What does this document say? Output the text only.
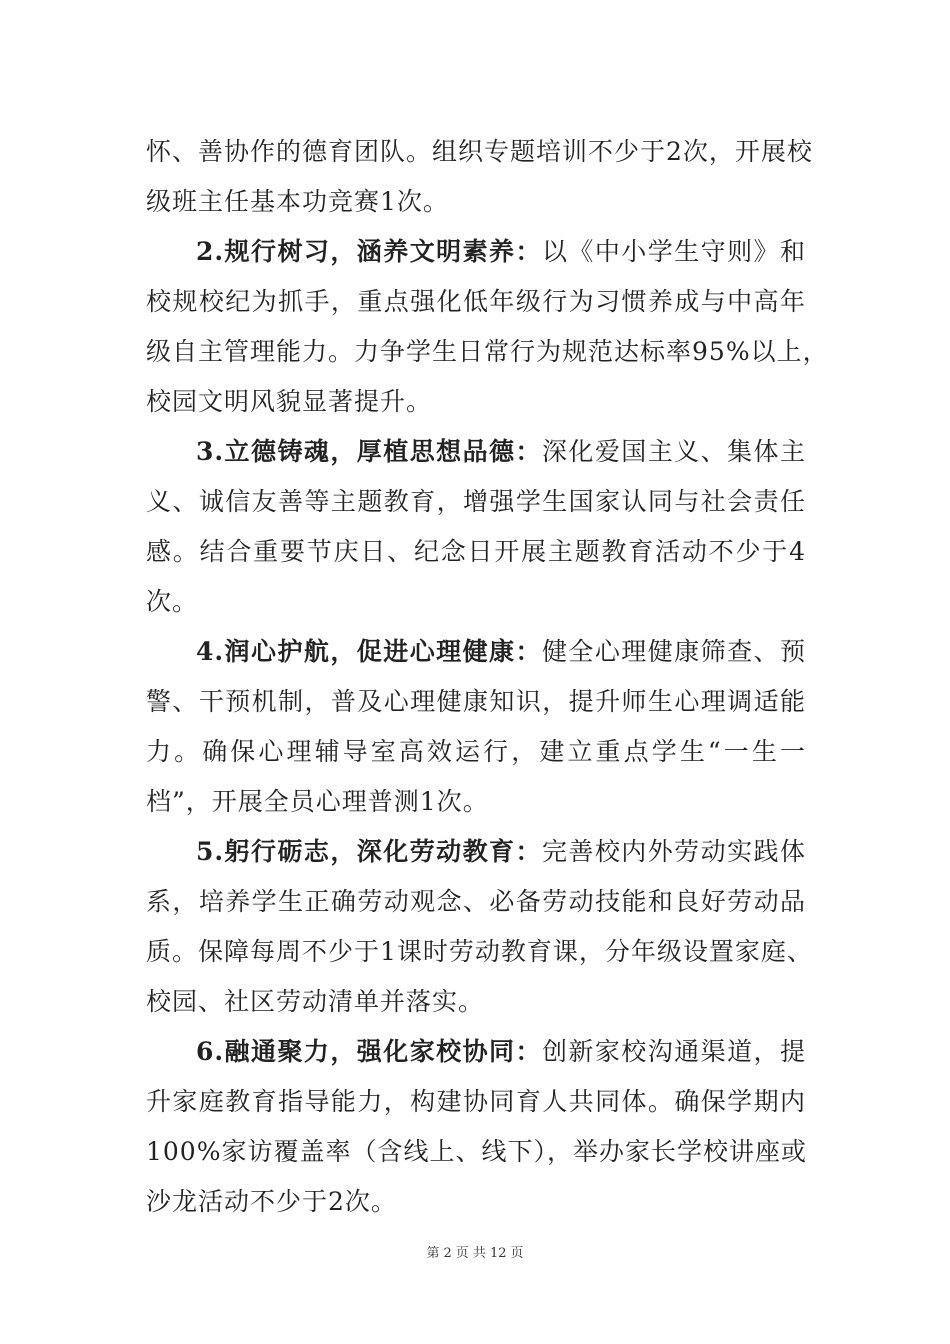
怀、善协作的德育团队。组织专题培训不少于2次，开展校
级班主任基本功竞赛1次。
2.规行树习，涵养文明素养：以《中小学生守则》和
校规校纪为抓手，重点强化低年级行为习惯养成与中高年
级自主管理能力。力争学生日常行为规范达标率95%以上，
校园文明风貌显著提升。
3.立德铸魂，厚植思想品德：深化爱国主义、集体主
义、诚信友善等主题教育，增强学生国家认同与社会责任
感。结合重要节庆日、纪念日开展主题教育活动不少于4
次。
4.润心护航，促进心理健康：健全心理健康筛查、预
警、干预机制，普及心理健康知识，提升师生心理调适能
力。确保心理辅导室高效运行，建立重点学生“一生一
档”，开展全员心理普测1次。
5.躬行砺志，深化劳动教育：完善校内外劳动实践体
系，培养学生正确劳动观念、必备劳动技能和良好劳动品
质。保障每周不少于1课时劳动教育课，分年级设置家庭、
校园、社区劳动清单并落实。
6.融通聚力，强化家校协同：创新家校沟通渠道，提
升家庭教育指导能力，构建协同育人共同体。确保学期内
100%家访覆盖率（含线上、线下），举办家长学校讲座或
沙龙活动不少于2次。
第 2 页 共 12 页
